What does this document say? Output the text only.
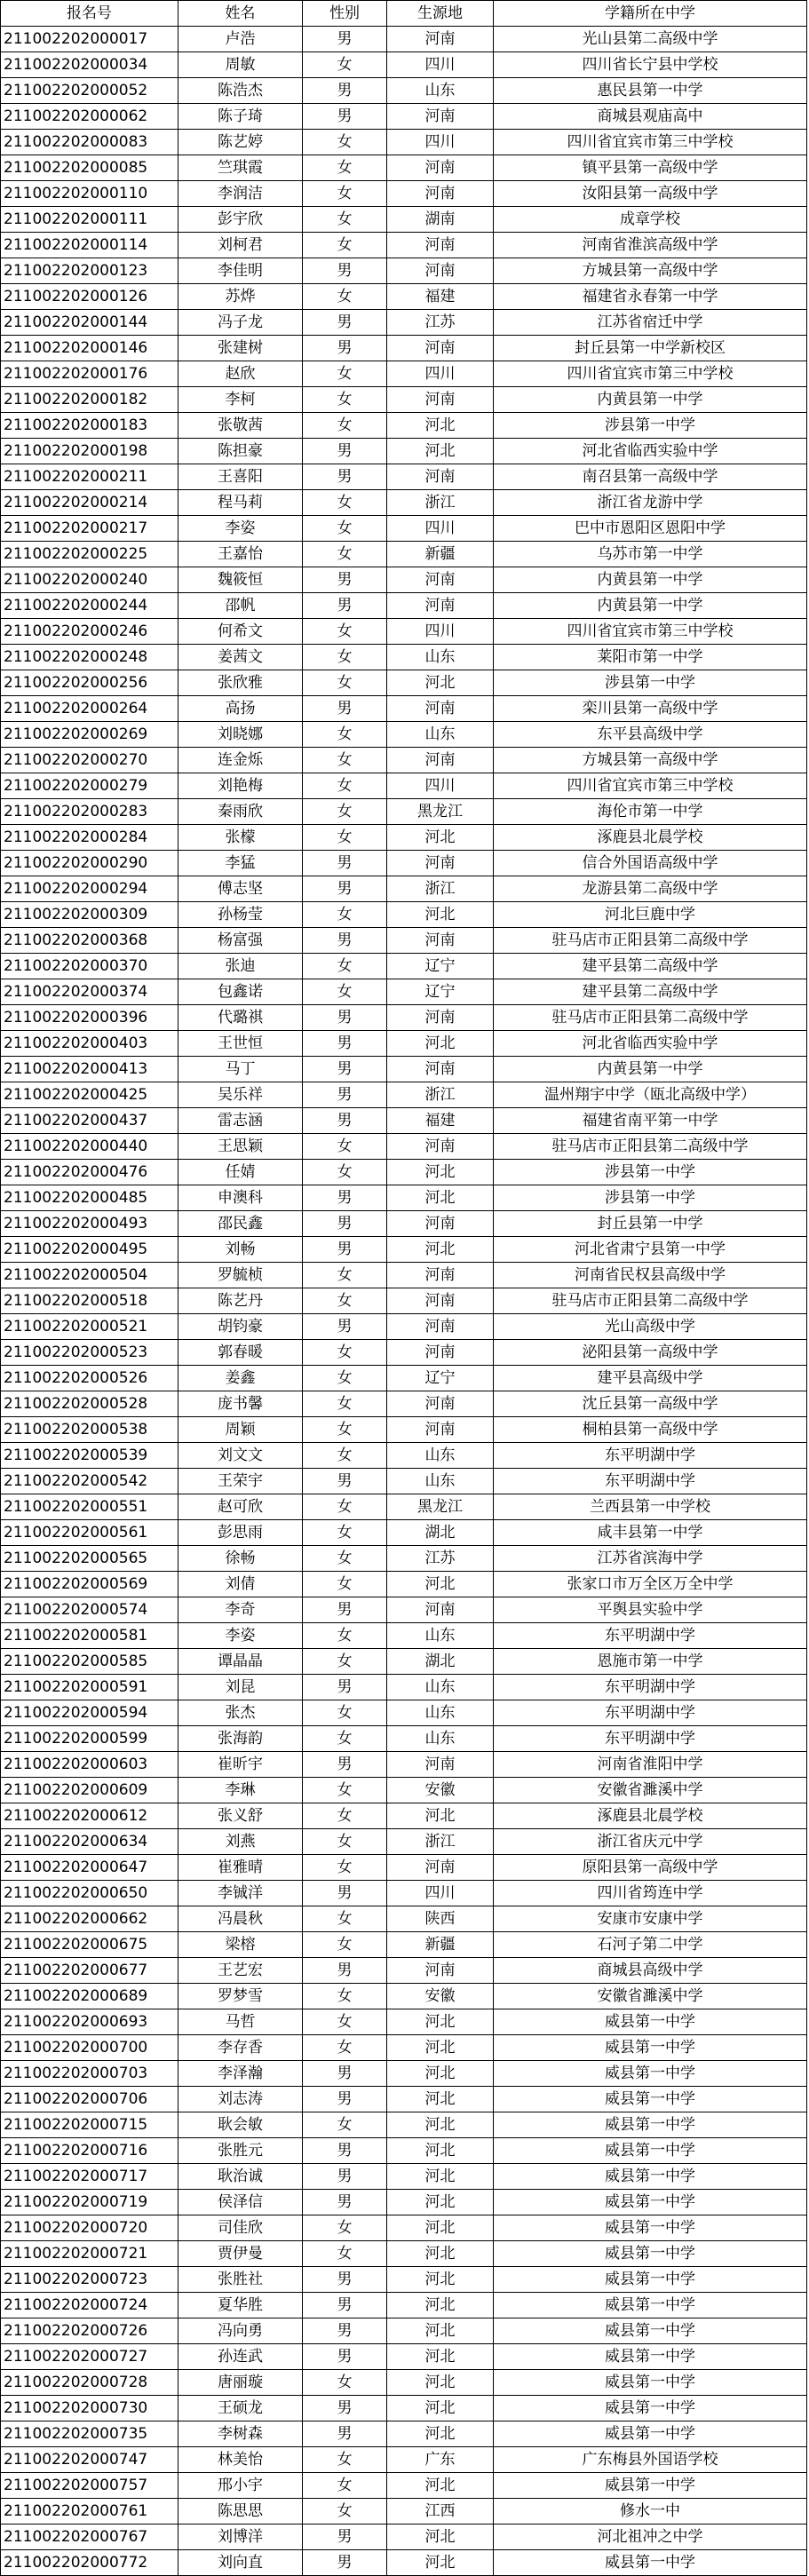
报名号	姓名	性别	生源地	学籍所在中学
211002202000017	卢浩	男	河南	光山县第二高级中学
211002202000034	周敏	女	四川	四川省长宁县中学校
211002202000052	陈浩杰	男	山东	惠民县第一中学
211002202000062	陈子琦	男	河南	商城县观庙高中
211002202000083	陈艺婷	女	四川	四川省宜宾市第三中学校
211002202000085	竺琪霞	女	河南	镇平县第一高级中学
211002202000110	李润洁	女	河南	汝阳县第一高级中学
211002202000111	彭宇欣	女	湖南	成章学校
211002202000114	刘柯君	女	河南	河南省淮滨高级中学
211002202000123	李佳明	男	河南	方城县第一高级中学
211002202000126	苏烨	女	福建	福建省永春第一中学
211002202000144	冯子龙	男	江苏	江苏省宿迁中学
211002202000146	张建树	男	河南	封丘县第一中学新校区
211002202000176	赵欣	女	四川	四川省宜宾市第三中学校
211002202000182	李柯	女	河南	内黄县第一中学
211002202000183	张敬茜	女	河北	涉县第一中学
211002202000198	陈担豪	男	河北	河北省临西实验中学
211002202000211	王喜阳	男	河南	南召县第一高级中学
211002202000214	程马莉	女	浙江	浙江省龙游中学
211002202000217	李姿	女	四川	巴中市恩阳区恩阳中学
211002202000225	王嘉怡	女	新疆	乌苏市第一中学
211002202000240	魏筱恒	男	河南	内黄县第一中学
211002202000244	邵帆	男	河南	内黄县第一中学
211002202000246	何希文	女	四川	四川省宜宾市第三中学校
211002202000248	姜茜文	女	山东	莱阳市第一中学
211002202000256	张欣雅	女	河北	涉县第一中学
211002202000264	高扬	男	河南	栾川县第一高级中学
211002202000269	刘晓娜	女	山东	东平县高级中学
211002202000270	连金烁	女	河南	方城县第一高级中学
211002202000279	刘艳梅	女	四川	四川省宜宾市第三中学校
211002202000283	秦雨欣	女	黑龙江	海伦市第一中学
211002202000284	张檬	女	河北	涿鹿县北晨学校
211002202000290	李猛	男	河南	信合外国语高级中学
211002202000294	傅志坚	男	浙江	龙游县第二高级中学
211002202000309	孙杨莹	女	河北	河北巨鹿中学
211002202000368	杨富强	男	河南	驻马店市正阳县第二高级中学
211002202000370	张迪	女	辽宁	建平县第二高级中学
211002202000374	包鑫诺	女	辽宁	建平县第二高级中学
211002202000396	代璐祺	男	河南	驻马店市正阳县第二高级中学
211002202000403	王世恒	男	河北	河北省临西实验中学
211002202000413	马丁	男	河南	内黄县第一中学
211002202000425	吴乐祥	男	浙江	温州翔宇中学（瓯北高级中学）
211002202000437	雷志涵	男	福建	福建省南平第一中学
211002202000440	王思颖	女	河南	驻马店市正阳县第二高级中学
211002202000476	任婧	女	河北	涉县第一中学
211002202000485	申澳科	男	河北	涉县第一中学
211002202000493	邵民鑫	男	河南	封丘县第一中学
211002202000495	刘畅	男	河北	河北省肃宁县第一中学
211002202000504	罗毓桢	女	河南	河南省民权县高级中学
211002202000518	陈艺丹	女	河南	驻马店市正阳县第二高级中学
211002202000521	胡钧豪	男	河南	光山高级中学
211002202000523	郭春暖	女	河南	泌阳县第一高级中学
211002202000526	姜鑫	女	辽宁	建平县高级中学
211002202000528	庞书馨	女	河南	沈丘县第一高级中学
211002202000538	周颖	女	河南	桐柏县第一高级中学
211002202000539	刘文文	女	山东	东平明湖中学
211002202000542	王荣宇	男	山东	东平明湖中学
211002202000551	赵可欣	女	黑龙江	兰西县第一中学校
211002202000561	彭思雨	女	湖北	咸丰县第一中学
211002202000565	徐畅	女	江苏	江苏省滨海中学
211002202000569	刘倩	女	河北	张家口市万全区万全中学
211002202000574	李奇	男	河南	平舆县实验中学
211002202000581	李姿	女	山东	东平明湖中学
211002202000585	谭晶晶	女	湖北	恩施市第一中学
211002202000591	刘昆	男	山东	东平明湖中学
211002202000594	张杰	女	山东	东平明湖中学
211002202000599	张海韵	女	山东	东平明湖中学
211002202000603	崔昕宇	男	河南	河南省淮阳中学
211002202000609	李琳	女	安徽	安徽省濉溪中学
211002202000612	张义舒	女	河北	涿鹿县北晨学校
211002202000634	刘燕	女	浙江	浙江省庆元中学
211002202000647	崔雅晴	女	河南	原阳县第一高级中学
211002202000650	李铖洋	男	四川	四川省筠连中学
211002202000662	冯晨秋	女	陕西	安康市安康中学
211002202000675	梁榕	女	新疆	石河子第二中学
211002202000677	王艺宏	男	河南	商城县高级中学
211002202000689	罗梦雪	女	安徽	安徽省濉溪中学
211002202000693	马哲	女	河北	威县第一中学
211002202000700	李存香	女	河北	威县第一中学
211002202000703	李泽瀚	男	河北	威县第一中学
211002202000706	刘志涛	男	河北	威县第一中学
211002202000715	耿会敏	女	河北	威县第一中学
211002202000716	张胜元	男	河北	威县第一中学
211002202000717	耿治诚	男	河北	威县第一中学
211002202000719	侯泽信	男	河北	威县第一中学
211002202000720	司佳欣	女	河北	威县第一中学
211002202000721	贾伊曼	女	河北	威县第一中学
211002202000723	张胜社	男	河北	威县第一中学
211002202000724	夏华胜	男	河北	威县第一中学
211002202000726	冯向勇	男	河北	威县第一中学
211002202000727	孙连武	男	河北	威县第一中学
211002202000728	唐丽璇	女	河北	威县第一中学
211002202000730	王硕龙	男	河北	威县第一中学
211002202000735	李树森	男	河北	威县第一中学
211002202000747	林美怡	女	广东	广东梅县外国语学校
211002202000757	邢小宇	女	河北	威县第一中学
211002202000761	陈思思	女	江西	修水一中
211002202000767	刘博洋	男	河北	河北祖冲之中学
211002202000772	刘向直	男	河北	威县第一中学
